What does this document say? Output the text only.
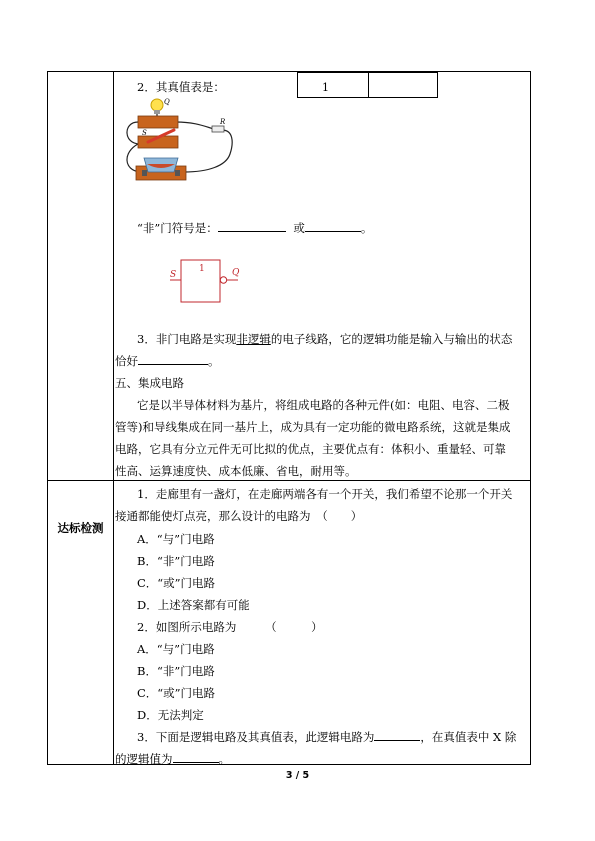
达标检测
2．其真值表是：	1
Q
S
R
“非”门符号是：	或	。
1
S	Q
3．非门电路是实现非逻辑的电子线路，它的逻辑功能是输入与输出的状态
恰好	。
五、集成电路
它是以半导体材料为基片，将组成电路的各种元件(如：电阻、电容、二极
管等)和导线集成在同一基片上，成为具有一定功能的微电路系统，这就是集成
电路，它具有分立元件无可比拟的优点，主要优点有：体积小、重量轻、可靠
性高、运算速度快、成本低廉、省电，耐用等。
1．走廊里有一盏灯，在走廊两端各有一个开关，我们希望不论那一个开关
接通都能使灯点亮，那么设计的电路为　（　　）
A．“与”门电路
B．“非”门电路
C．“或”门电路
D．上述答案都有可能
2．如图所示电路为　　　（　　　）
A．“与”门电路
B．“非”门电路
C．“或”门电路
D．无法判定
3．下面是逻辑电路及其真值表，此逻辑电路为	，在真值表中 X 除
的逻辑值为	。
3 / 5
